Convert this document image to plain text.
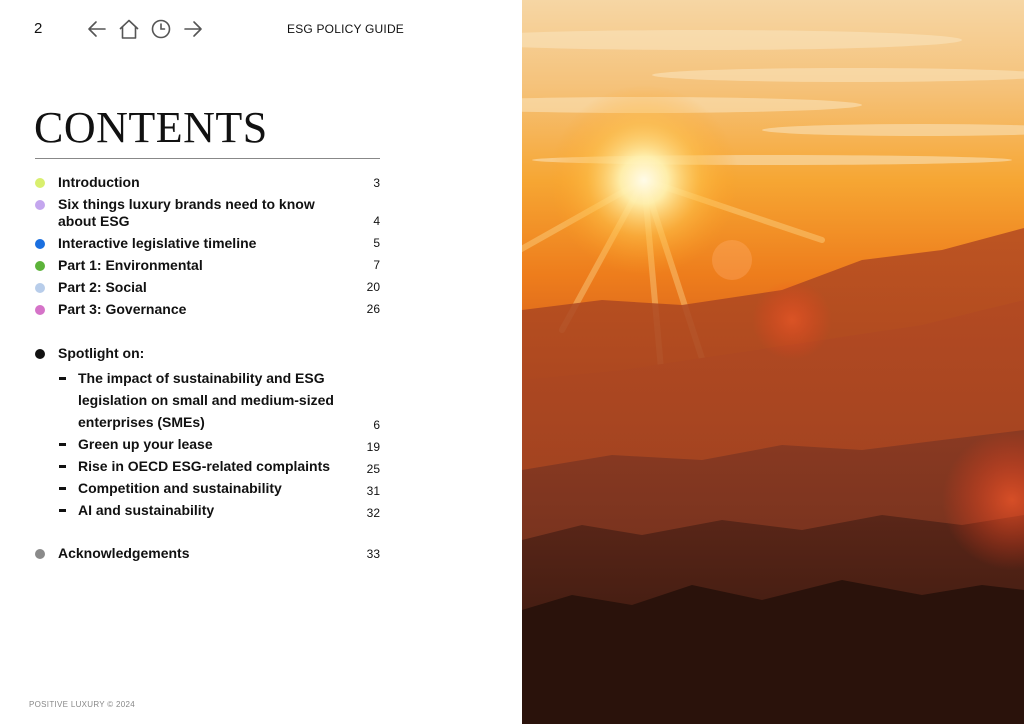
2	ESG POLICY GUIDE
CONTENTS
Introduction	3
Six things luxury brands need to know about ESG	4
Interactive legislative timeline	5
Part 1: Environmental	7
Part 2: Social	20
Part 3: Governance	26
Spotlight on:
The impact of sustainability and ESG legislation on small and medium-sized enterprises (SMEs)	6
Green up your lease	19
Rise in OECD ESG-related complaints	25
Competition and sustainability	31
AI and sustainability	32
Acknowledgements	33
POSITIVE LUXURY © 2024
